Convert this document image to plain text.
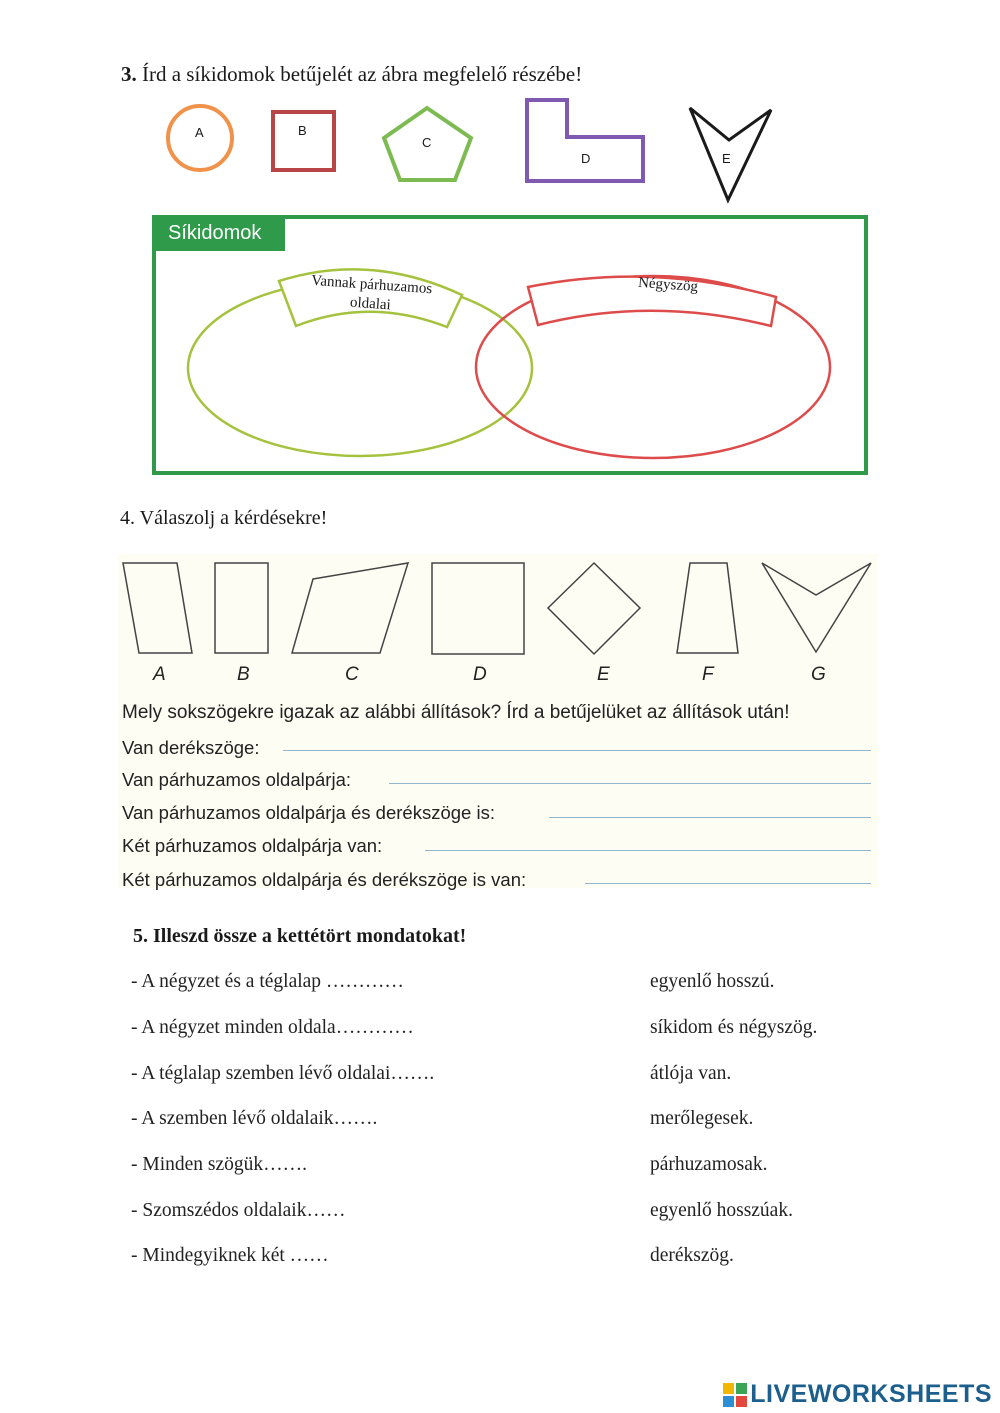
3. Írd a síkidomok betűjelét az ábra megfelelő részébe!
A	B
C
D	E
Síkidomok
Vannak párhuzamos oldalai
Négyszög
4. Válaszolj a kérdésekre!
A	B	C	D	E	F	G
Mely sokszögekre igazak az alábbi állítások? Írd a betűjelüket az állítások után!
Van derékszöge:
Van párhuzamos oldalpárja:
Van párhuzamos oldalpárja és derékszöge is:
Két párhuzamos oldalpárja van:
Két párhuzamos oldalpárja és derékszöge is van:
5. Illeszd össze a kettétört mondatokat!
- A négyzet és a téglalap …………	egyenlő hosszú.
- A négyzet minden oldala…………	síkidom és négyszög.
- A téglalap szemben lévő oldalai…….	átlója van.
- A szemben lévő oldalaik…….	merőlegesek.
- Minden szögük…….	párhuzamosak.
- Szomszédos oldalaik……	egyenlő hosszúak.
- Mindegyiknek két ……	derékszög.
LIVEWORKSHEETS
